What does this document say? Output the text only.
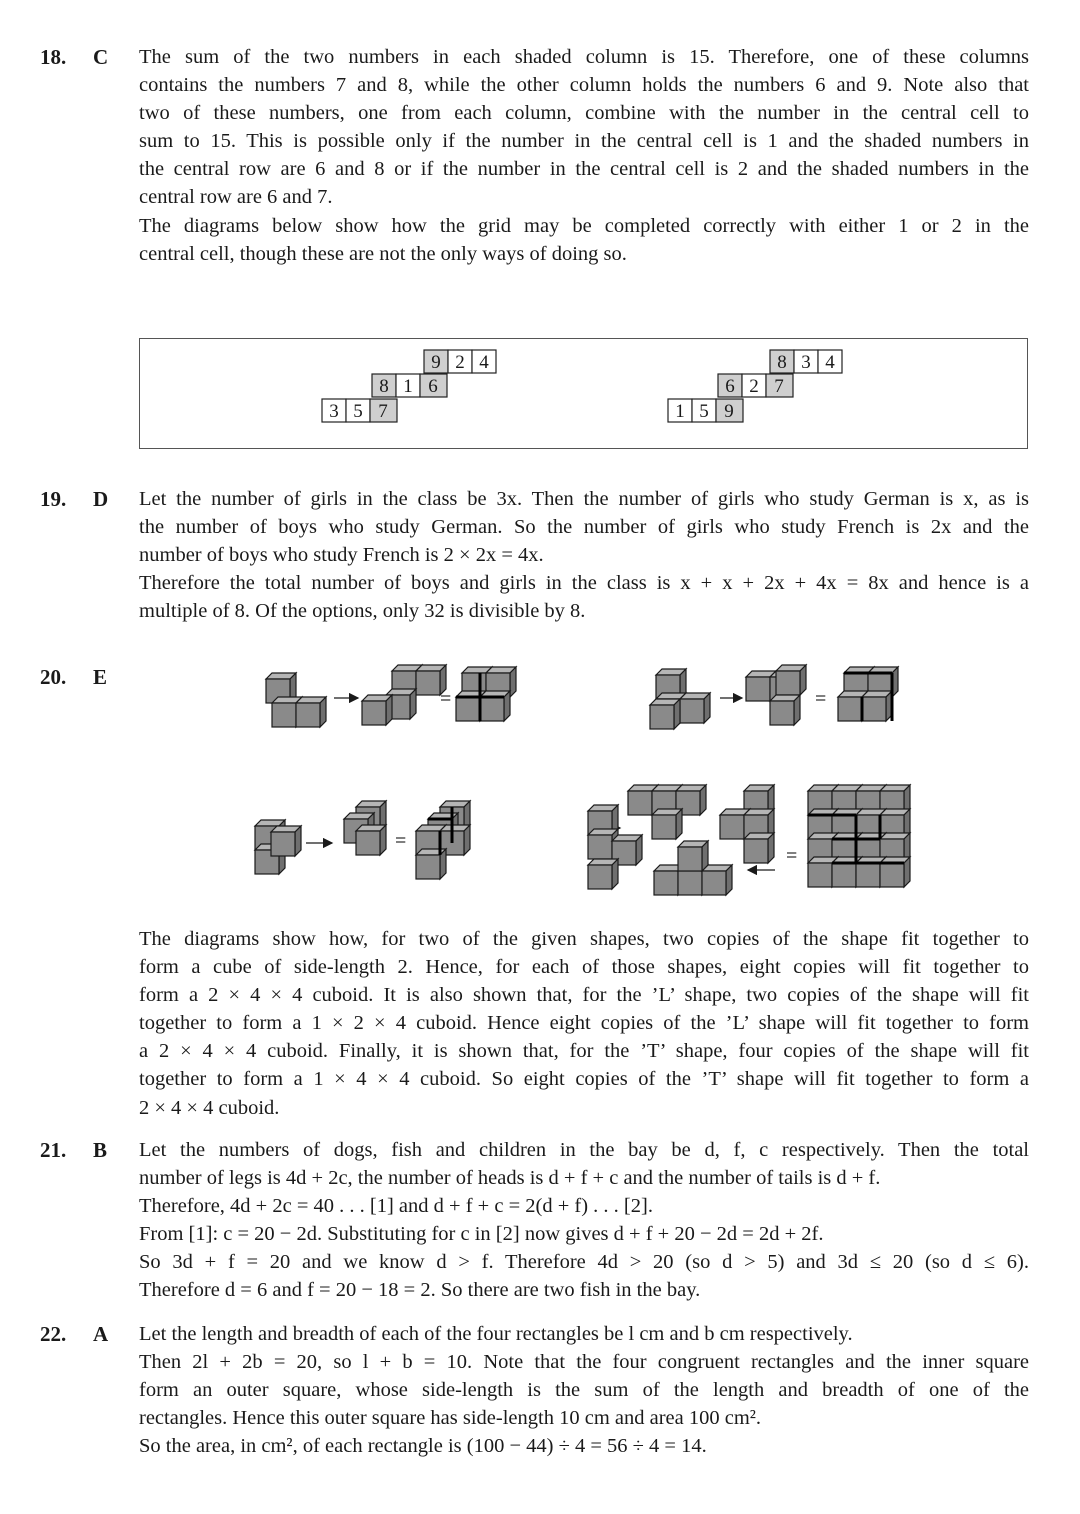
18. C The sum of the two numbers in each shaded column is 15. Therefore, one of these columns
contains the numbers 7 and 8, while the other column holds the numbers 6 and 9. Note also that
two of these numbers, one from each column, combine with the number in the central cell to
sum to 15. This is possible only if the number in the central cell is 1 and the shaded numbers in
the central row are 6 and 8 or if the number in the central cell is 2 and the shaded numbers in the
central row are 6 and 7.

The diagrams below show how the grid may be completed correctly with either 1 or 2 in the
central cell, though these are not the only ways of doing so.

9 2 4
8 1 6
3 5 7
8 3 4
6 2 7
1 5 9
19. D Let the number of girls in the class be 3x. Then the number of girls who study German is x, as is
the number of boys who study German. So the number of girls who study French is 2x and the
number of boys who study French is 2 × 2x = 4x.

Therefore the total number of boys and girls in the class is x + x + 2x + 4x = 8x and hence is a
multiple of 8. Of the options, only 32 is divisible by 8.

20. E
=	=
=
=

The diagrams show how, for two of the given shapes, two copies of the shape fit together to
form a cube of side-length 2. Hence, for each of those shapes, eight copies will fit together to
form a 2 × 4 × 4 cuboid. It is also shown that, for the ’L’ shape, two copies of the shape will fit
together to form a 1 × 2 × 4 cuboid. Hence eight copies of the ’L’ shape will fit together to form
a 2 × 4 × 4 cuboid. Finally, it is shown that, for the ’T’ shape, four copies of the shape will fit
together to form a 1 × 4 × 4 cuboid. So eight copies of the ’T’ shape will fit together to form a
2 × 4 × 4 cuboid.

21. B Let the numbers of dogs, fish and children in the bay be d, f, c respectively. Then the total
number of legs is 4d + 2c, the number of heads is d + f + c and the number of tails is d + f.
Therefore, 4d + 2c = 40 . . . [1] and d + f + c = 2(d + f) . . . [2].
From [1]: c = 20 − 2d. Substituting for c in [2] now gives d + f + 20 − 2d = 2d + 2f.
So 3d + f = 20 and we know d > f. Therefore 4d > 20 (so d > 5) and 3d ≤ 20 (so d ≤ 6).
Therefore d = 6 and f = 20 − 18 = 2. So there are two fish in the bay.

22. A Let the length and breadth of each of the four rectangles be l cm and b cm respectively.
Then 2l + 2b = 20, so l + b = 10. Note that the four congruent rectangles and the inner square
form an outer square, whose side-length is the sum of the length and breadth of one of the
rectangles. Hence this outer square has side-length 10 cm and area 100 cm².
So the area, in cm², of each rectangle is (100 − 44) ÷ 4 = 56 ÷ 4 = 14.
